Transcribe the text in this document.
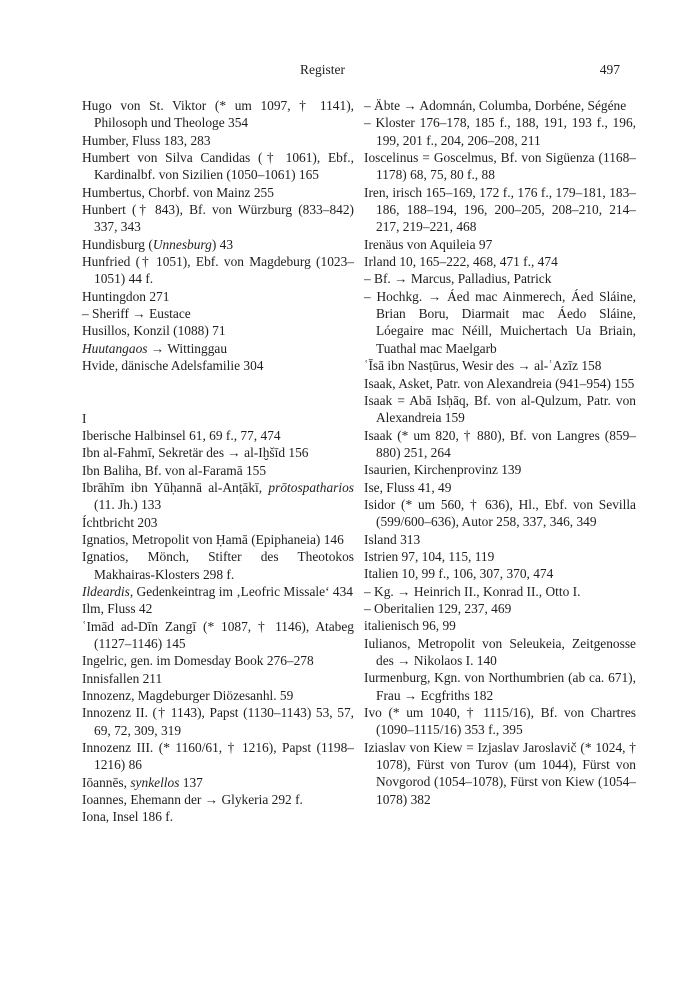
Register	497
Hugo von St. Viktor (* um 1097, † 1141), Philosoph und Theologe 354
Humber, Fluss 183, 283
Humbert von Silva Candidas († 1061), Ebf., Kardinalbf. von Sizilien (1050–1061) 165
Humbertus, Chorbf. von Mainz 255
Hunbert († 843), Bf. von Würzburg (833–842) 337, 343
Hundisburg (Unnesburg) 43
Hunfried († 1051), Ebf. von Magdeburg (1023–1051) 44 f.
Huntingdon 271
– Sheriff → Eustace
Husillos, Konzil (1088) 71
Huutangaos → Wittinggau
Hvide, dänische Adelsfamilie 304
I
Iberische Halbinsel 61, 69 f., 77, 474
Ibn al-Fahmī, Sekretär des → al-Iḫšīd 156
Ibn Baliha, Bf. von al-Faramā 155
Ibrāhīm ibn Yūḥannā al-Anṭākī, prōtospatharios (11. Jh.) 133
Íchtbricht 203
Ignatios, Metropolit von Ḥamā (Epiphaneia) 146
Ignatios, Mönch, Stifter des Theotokos Makhairas-Klosters 298 f.
Ildeardis, Gedenkeintrag im ‚Leofric Missale‘ 434
Ilm, Fluss 42
ʿImād ad-Dīn Zangī (* 1087, † 1146), Atabeg (1127–1146) 145
Ingelric, gen. im Domesday Book 276–278
Innisfallen 211
Innozenz, Magdeburger Diözesanhl. 59
Innozenz II. († 1143), Papst (1130–1143) 53, 57, 69, 72, 309, 319
Innozenz III. (* 1160/61, † 1216), Papst (1198–1216) 86
Iōannēs, synkellos 137
Ioannes, Ehemann der → Glykeria 292 f.
Iona, Insel 186 f.
– Äbte → Adomnán, Columba, Dorbéne, Ségéne
– Kloster 176–178, 185 f., 188, 191, 193 f., 196, 199, 201 f., 204, 206–208, 211
Ioscelinus = Goscelmus, Bf. von Sigüenza (1168–1178) 68, 75, 80 f., 88
Iren, irisch 165–169, 172 f., 176 f., 179–181, 183–186, 188–194, 196, 200–205, 208–210, 214–217, 219–221, 468
Irenäus von Aquileia 97
Irland 10, 165–222, 468, 471 f., 474
– Bf. → Marcus, Palladius, Patrick
– Hochkg. → Áed mac Ainmerech, Áed Sláine, Brian Boru, Diarmait mac Áedo Sláine, Lóegaire mac Néill, Muichertach Ua Briain, Tuathal mac Maelgarb
ʿĪsā ibn Nasṭūrus, Wesir des → al-ʿAzīz 158
Isaak, Asket, Patr. von Alexandreia (941–954) 155
Isaak = Abā Isḥāq, Bf. von al-Qulzum, Patr. von Alexandreia 159
Isaak (* um 820, † 880), Bf. von Langres (859–880) 251, 264
Isaurien, Kirchenprovinz 139
Ise, Fluss 41, 49
Isidor (* um 560, † 636), Hl., Ebf. von Sevilla (599/600–636), Autor 258, 337, 346, 349
Island 313
Istrien 97, 104, 115, 119
Italien 10, 99 f., 106, 307, 370, 474
– Kg. → Heinrich II., Konrad II., Otto I.
– Oberitalien 129, 237, 469
italienisch 96, 99
Iulianos, Metropolit von Seleukeia, Zeitgenosse des → Nikolaos I. 140
Iurmenburg, Kgn. von Northumbrien (ab ca. 671), Frau → Ecgfriths 182
Ivo (* um 1040, † 1115/16), Bf. von Chartres (1090–1115/16) 353 f., 395
Iziaslav von Kiew = Izjaslav Jaroslavič (* 1024, † 1078), Fürst von Turov (um 1044), Fürst von Novgorod (1054–1078), Fürst von Kiew (1054–1078) 382
